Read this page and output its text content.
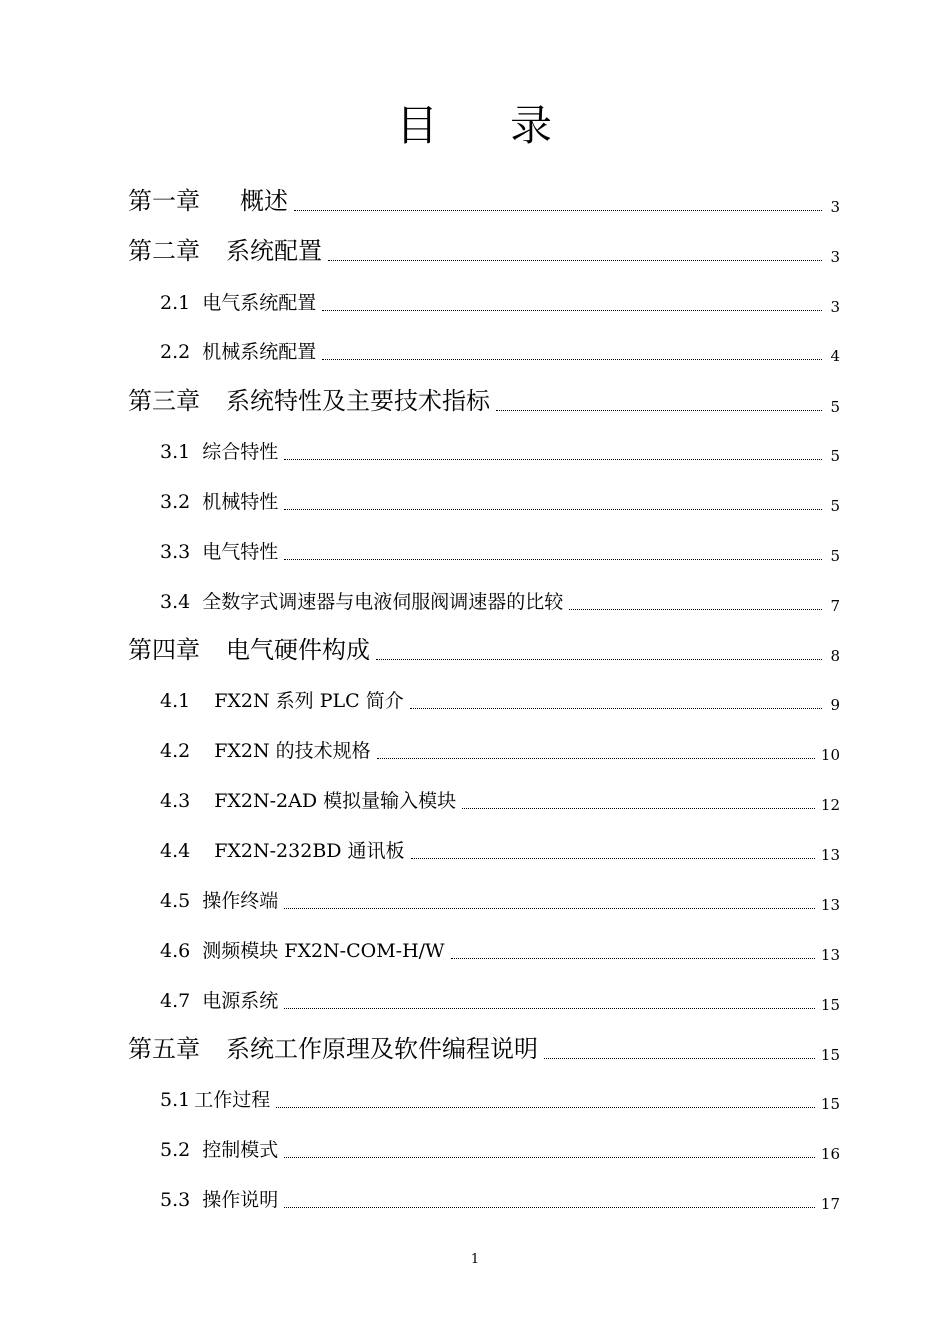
目 录
第一章 概述	3
第二章 系统配置	3
2.1 电气系统配置	3
2.2 机械系统配置	4
第三章 系统特性及主要技术指标	5
3.1 综合特性	5
3.2 机械特性	5
3.3 电气特性	5
3.4 全数字式调速器与电液伺服阀调速器的比较	7
第四章 电气硬件构成	8
4.1 FX2N 系列 PLC 简介	9
4.2 FX2N 的技术规格	10
4.3 FX2N-2AD 模拟量输入模块	12
4.4 FX2N-232BD 通讯板	13
4.5 操作终端	13
4.6 测频模块 FX2N-COM-H/W	13
4.7 电源系统	15
第五章 系统工作原理及软件编程说明	15
5.1 工作过程	15
5.2 控制模式	16
5.3 操作说明	17
1
